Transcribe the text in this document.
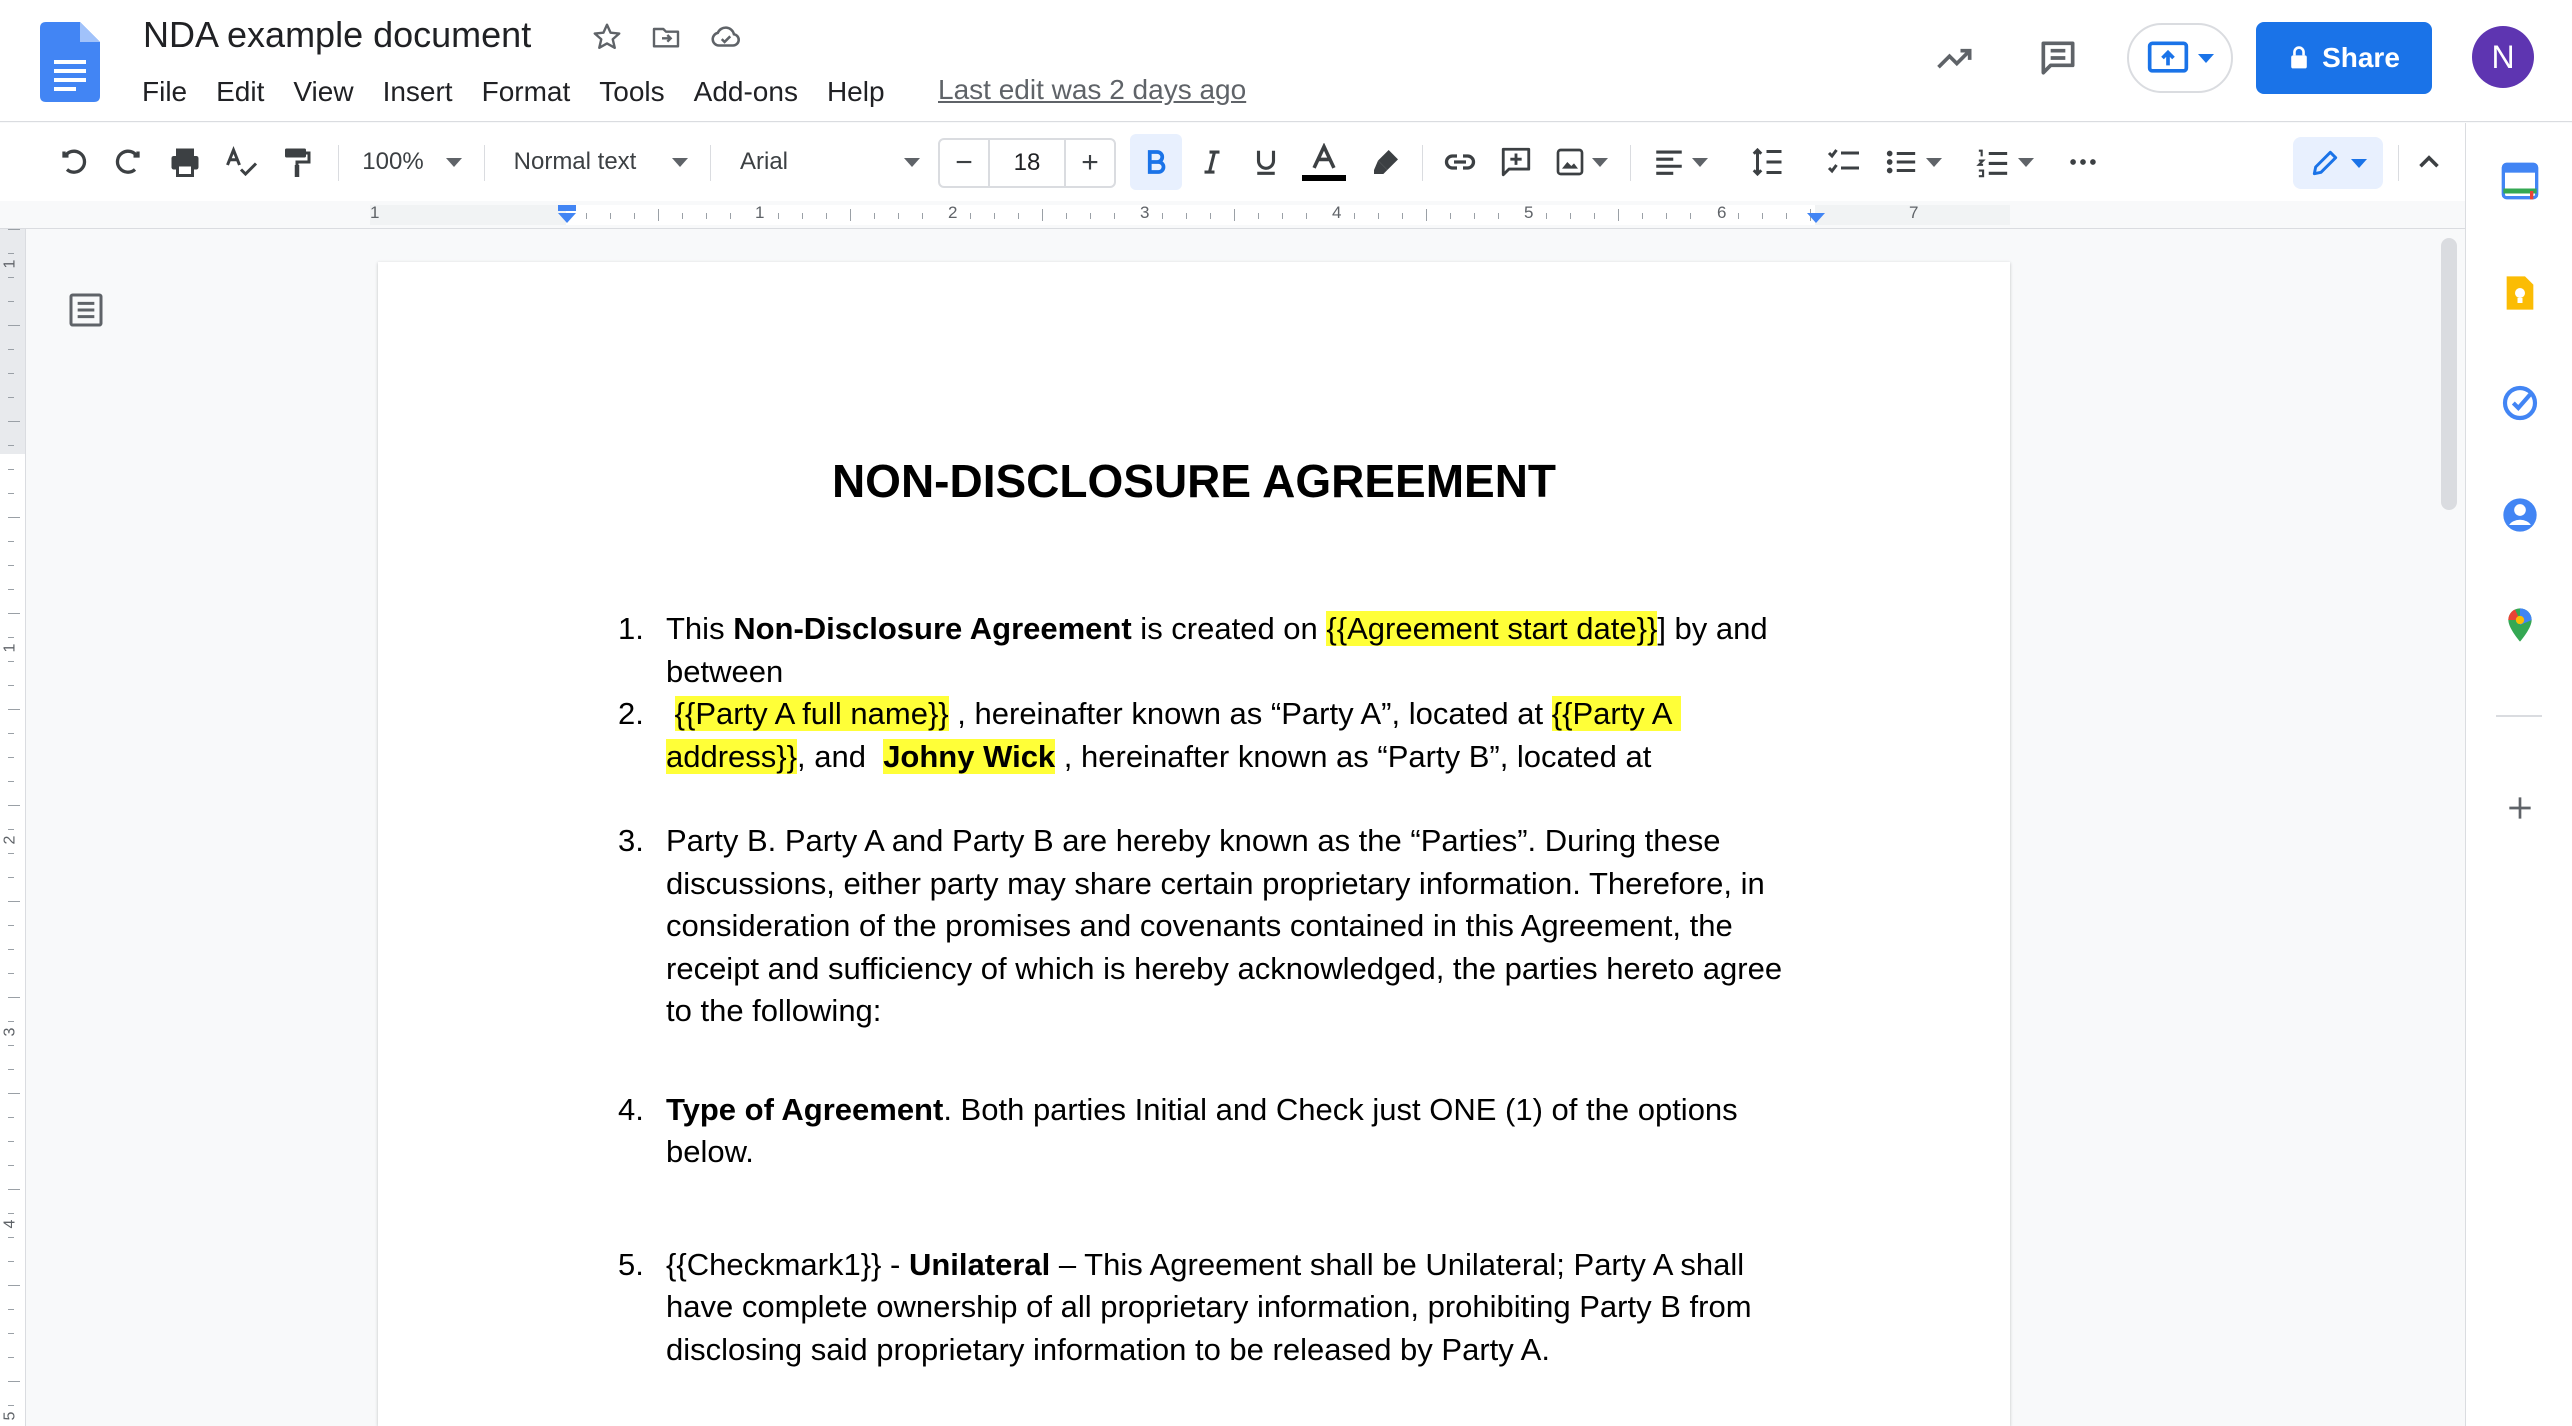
NDA example document
File Edit View Insert Format Tools Add-ons Help Last edit was 2 days ago
Share	N
100%	Normal text	Arial	−	18	+
1	1	2	3	4	5	6	7
1
1
2
3
4
5
NON-DISCLOSURE AGREEMENT
1. This Non-Disclosure Agreement is created on {{Agreement start date}}] by and between
2. {{Party A full name}} , hereinafter known as “Party A”, located at {{Party A address}}, and  Johny Wick , hereinafter known as “Party B”, located at
3. Party B. Party A and Party B are hereby known as the “Parties”. During these discussions, either party may share certain proprietary information. Therefore, in consideration of the promises and covenants contained in this Agreement, the receipt and sufficiency of which is hereby acknowledged, the parties hereto agree to the following:
4. Type of Agreement. Both parties Initial and Check just ONE (1) of the options below.
5. {{Checkmark1}} - Unilateral – This Agreement shall be Unilateral; Party A shall have complete ownership of all proprietary information, prohibiting Party B from disclosing said proprietary information to be released by Party A.
